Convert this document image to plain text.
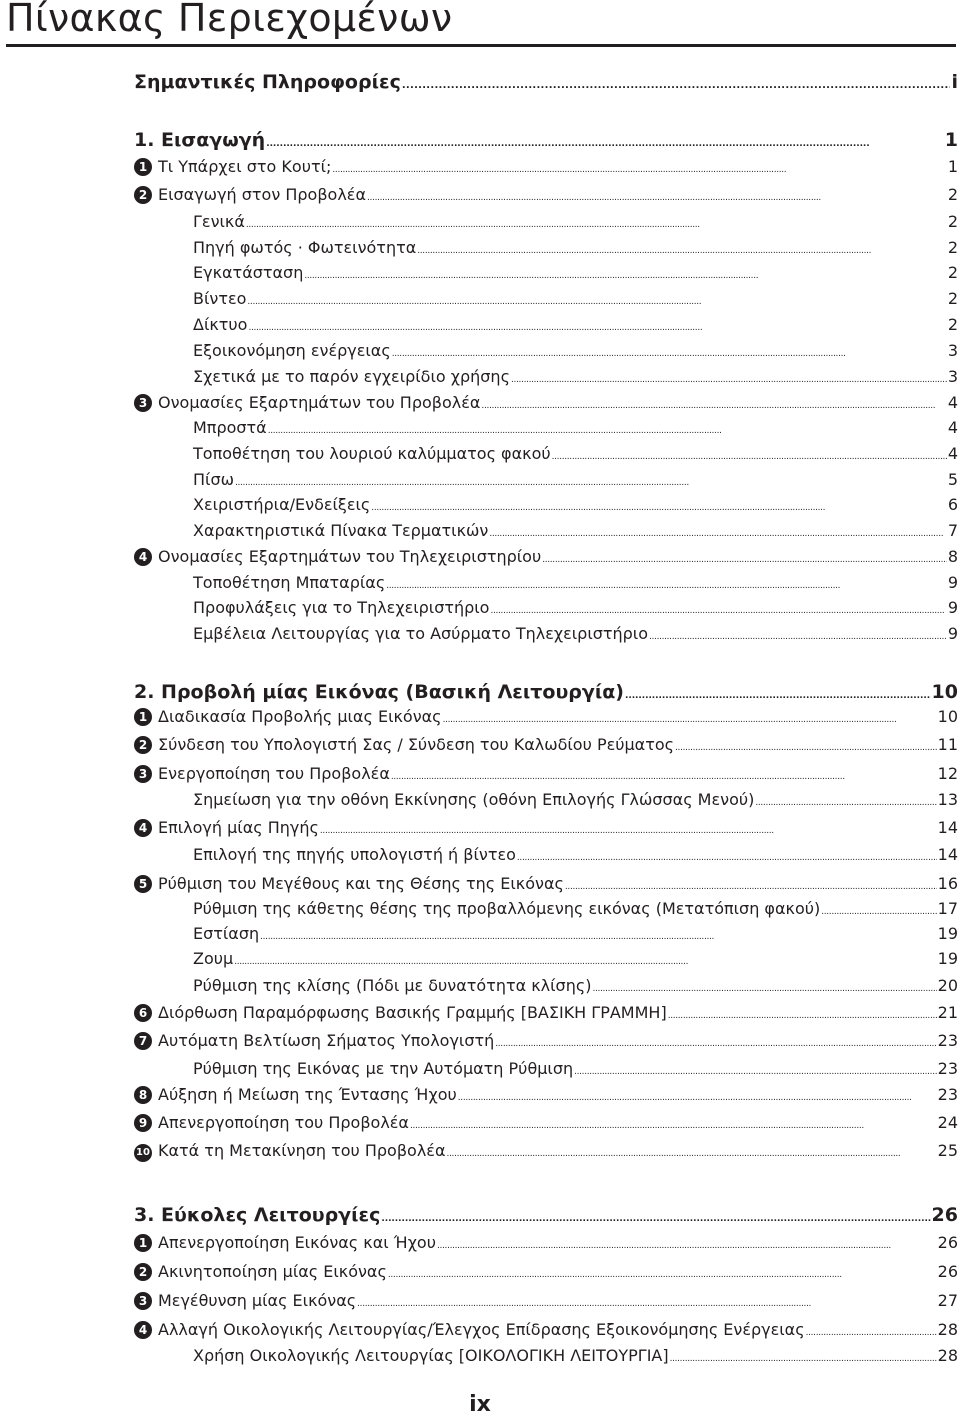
Πίνακας Περιεχομένων
Σημαντικές Πληροφορίες . . .	i
1. Εισαγωγή . . .	1
1 Τι Υπάρχει στο Κουτί; . . .	1
2 Εισαγωγή στον Προβολέα . . .	2
Γενικά . . .	2
Πηγή φωτός · Φωτεινότητα . . .	2
Εγκατάσταση . . .	2
Βίντεο . . .	2
Δίκτυο . . .	2
Εξοικονόμηση ενέργειας . . .	3
Σχετικά με το παρόν εγχειρίδιο χρήσης . . .	3
3 Ονομασίες Εξαρτημάτων του Προβολέα . . .	4
Μπροστά . . .	4
Τοποθέτηση του λουριού καλύμματος φακού . . .	4
Πίσω . . .	5
Χειριστήρια/Ενδείξεις . . .	6
Χαρακτηριστικά Πίνακα Τερματικών . . .	7
4 Ονομασίες Εξαρτημάτων του Τηλεχειριστηρίου . . .	8
Τοποθέτηση Μπαταρίας . . .	9
Προφυλάξεις για το Τηλεχειριστήριο . . .	9
Εμβέλεια Λειτουργίας για το Ασύρματο Τηλεχειριστήριο . . .	9
2. Προβολή μίας Εικόνας (Βασική Λειτουργία) . . .	10
1 Διαδικασία Προβολής μιας Εικόνας . . .	10
2 Σύνδεση του Υπολογιστή Σας / Σύνδεση του Καλωδίου Ρεύματος . . .	11
3 Ενεργοποίηση του Προβολέα . . .	12
Σημείωση για την οθόνη Εκκίνησης (οθόνη Επιλογής Γλώσσας Μενού) . . .	13
4 Επιλογή μίας Πηγής . . .	14
Επιλογή της πηγής υπολογιστή ή βίντεο . . .	14
5 Ρύθμιση του Μεγέθους και της Θέσης της Εικόνας . . .	16
Ρύθμιση της κάθετης θέσης της προβαλλόμενης εικόνας (Μετατόπιση φακού) . . .	17
Εστίαση . . .	19
Ζουμ . . .	19
Ρύθμιση της κλίσης (Πόδι με δυνατότητα κλίσης) . . .	20
6 Διόρθωση Παραμόρφωσης Βασικής Γραμμής [ΒΑΣΙΚΗ ΓΡΑΜΜΗ] . . .	21
7 Αυτόματη Βελτίωση Σήματος Υπολογιστή . . .	23
Ρύθμιση της Εικόνας με την Αυτόματη Ρύθμιση . . .	23
8 Αύξηση ή Μείωση της Έντασης Ήχου . . .	23
9 Απενεργοποίηση του Προβολέα . . .	24
10 Κατά τη Μετακίνηση του Προβολέα . . .	25
3. Εύκολες Λειτουργίες . . .	26
1 Απενεργοποίηση Εικόνας και Ήχου . . .	26
2 Ακινητοποίηση μίας Εικόνας . . .	26
3 Μεγέθυνση μίας Εικόνας . . .	27
4 Αλλαγή Οικολογικής Λειτουργίας/Έλεγχος Επίδρασης Εξοικονόμησης Ενέργειας . . .	28
Χρήση Οικολογικής Λειτουργίας [ΟΙΚΟΛΟΓΙΚΗ ΛΕΙΤΟΥΡΓΙΑ] . . .	28
ix
